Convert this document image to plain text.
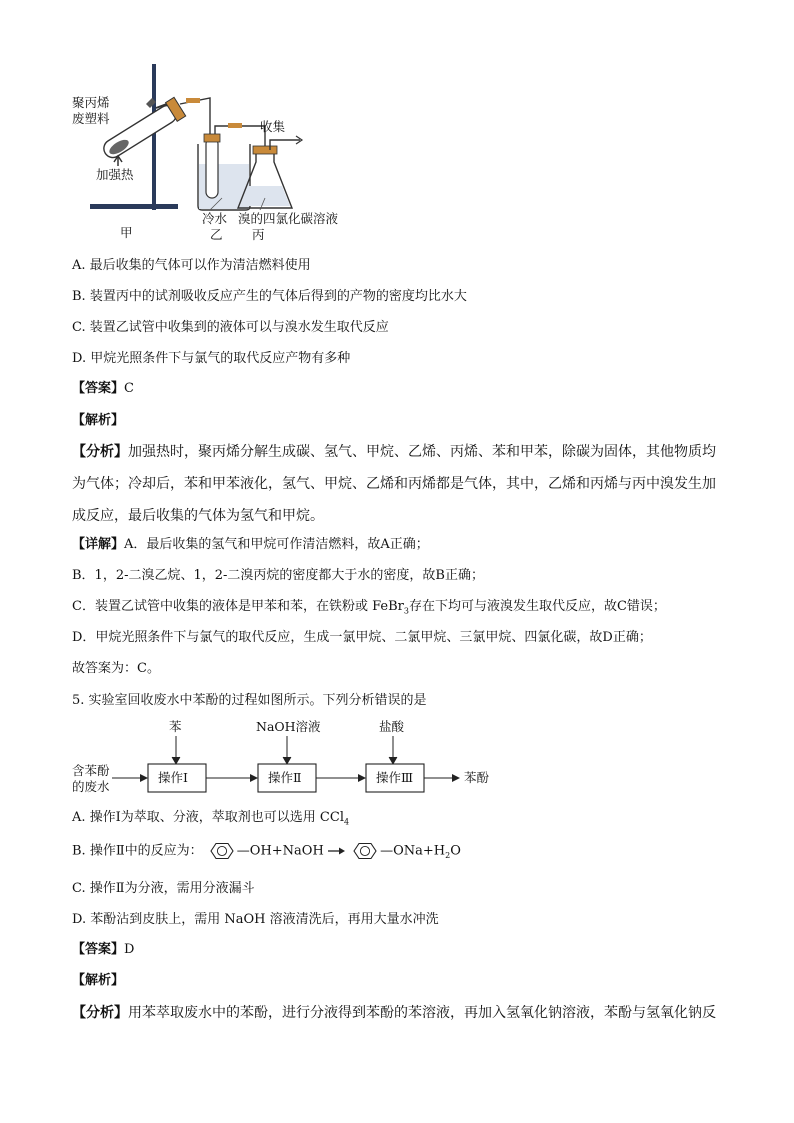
聚丙烯
废塑料
加强热
甲
收集
冷水 溴的四氯化碳溶液
乙 丙
A. 最后收集的气体可以作为清洁燃料使用
B. 装置丙中的试剂吸收反应产生的气体后得到的产物的密度均比水大
C. 装置乙试管中收集到的液体可以与溴水发生取代反应
D. 甲烷光照条件下与氯气的取代反应产物有多种
【答案】C
【解析】
【分析】加强热时，聚丙烯分解生成碳、氢气、甲烷、乙烯、丙烯、苯和甲苯，除碳为固体，其他物质均
为气体；冷却后，苯和甲苯液化，氢气、甲烷、乙烯和丙烯都是气体，其中，乙烯和丙烯与丙中溴发生加
成反应，最后收集的气体为氢气和甲烷。
【详解】A．最后收集的氢气和甲烷可作清洁燃料，故A正确；
B．1，2-二溴乙烷、1，2-二溴丙烷的密度都大于水的密度，故B正确；
C．装置乙试管中收集的液体是甲苯和苯，在铁粉或 FeBr$_3$存在下均可与液溴发生取代反应，故C错误；
D．甲烷光照条件下与氯气的取代反应，生成一氯甲烷、二氯甲烷、三氯甲烷、四氯化碳，故D正确；
故答案为：C。
5. 实验室回收废水中苯酚的过程如图所示。下列分析错误的是
苯	NaOH溶液	盐酸
含苯酚
的废水
操作Ⅰ	操作Ⅱ	操作Ⅲ	苯酚
A. 操作Ⅰ为萃取、分液，萃取剂也可以选用 CCl$_4$
B. 操作Ⅱ中的反应为：	—OH+NaOH →	$—ONa+H_2O$
C. 操作Ⅱ为分液，需用分液漏斗
D. 苯酚沾到皮肤上，需用 NaOH 溶液清洗后，再用大量水冲洗
【答案】D
【解析】
【分析】用苯萃取废水中的苯酚，进行分液得到苯酚的苯溶液，再加入氢氧化钠溶液，苯酚与氢氧化钠反
